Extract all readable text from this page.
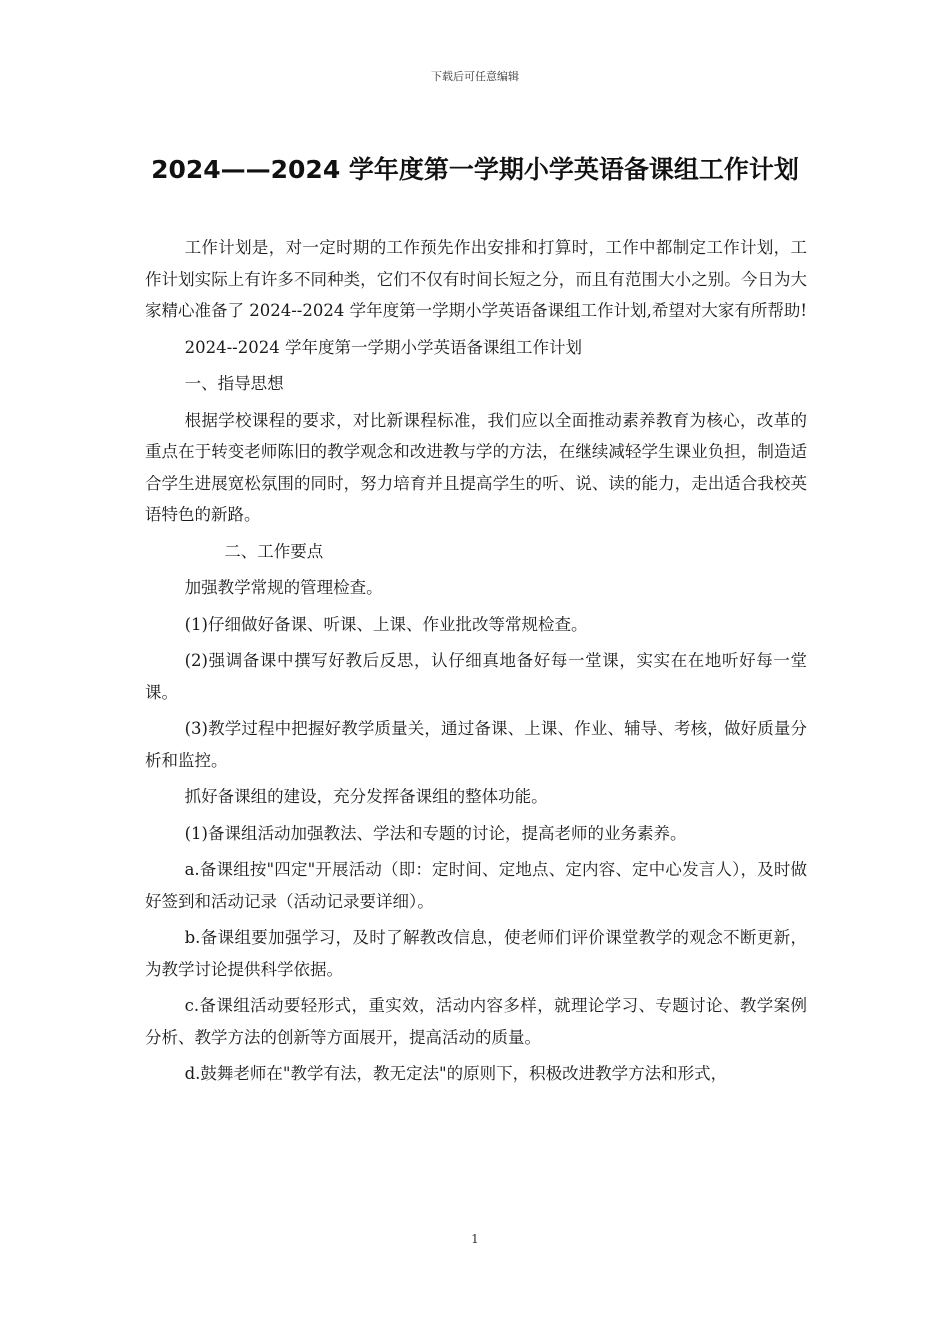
下载后可任意编辑
2024——2024 学年度第一学期小学英语备课组工作计划

工作计划是，对一定时期的工作预先作出安排和打算时，工作中都制定工作计划，工作计划实际上有许多不同种类，它们不仅有时间长短之分，而且有范围大小之别。今日为大家精心准备了 2024--2024 学年度第一学期小学英语备课组工作计划,希望对大家有所帮助!

2024--2024 学年度第一学期小学英语备课组工作计划

一、指导思想

根据学校课程的要求，对比新课程标准，我们应以全面推动素养教育为核心，改革的重点在于转变老师陈旧的教学观念和改进教与学的方法，在继续减轻学生课业负担，制造适合学生进展宽松氛围的同时，努力培育并且提高学生的听、说、读的能力，走出适合我校英语特色的新路。

二、工作要点

加强教学常规的管理检查。

(1)仔细做好备课、听课、上课、作业批改等常规检查。

(2)强调备课中撰写好教后反思，认仔细真地备好每一堂课，实实在在地听好每一堂课。

(3)教学过程中把握好教学质量关，通过备课、上课、作业、辅导、考核，做好质量分析和监控。

抓好备课组的建设，充分发挥备课组的整体功能。

(1)备课组活动加强教法、学法和专题的讨论，提高老师的业务素养。

a.备课组按"四定"开展活动（即：定时间、定地点、定内容、定中心发言人），及时做好签到和活动记录（活动记录要详细）。

b.备课组要加强学习，及时了解教改信息，使老师们评价课堂教学的观念不断更新，为教学讨论提供科学依据。

c.备课组活动要轻形式，重实效，活动内容多样，就理论学习、专题讨论、教学案例分析、教学方法的创新等方面展开，提高活动的质量。

d.鼓舞老师在"教学有法，教无定法"的原则下，积极改进教学方法和形式，

1
